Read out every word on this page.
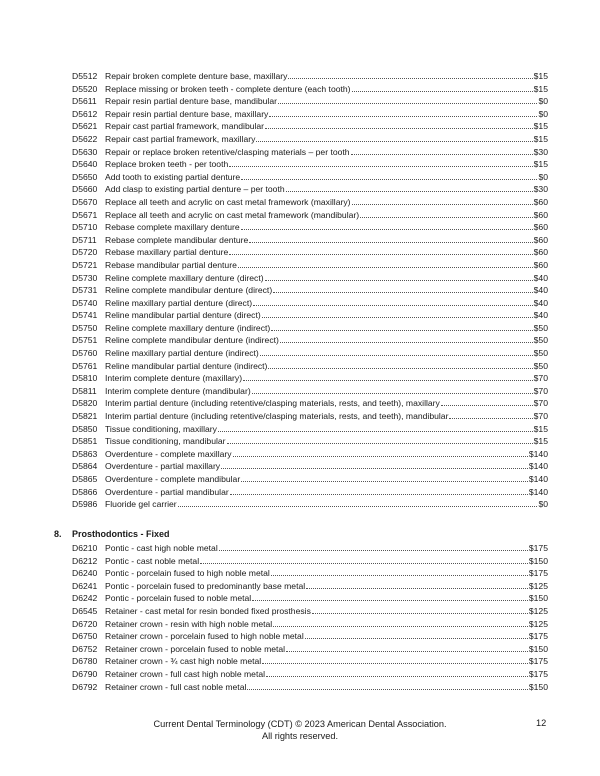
D5512 Repair broken complete denture base, maxillary	$15
D5520 Replace missing or broken teeth - complete denture (each tooth)	$15
D5611 Repair resin partial denture base, mandibular	$0
D5612 Repair resin partial denture base, maxillary	$0
D5621 Repair cast partial framework, mandibular	$15
D5622 Repair cast partial framework, maxillary	$15
D5630 Repair or replace broken retentive/clasping materials – per tooth	$30
D5640 Replace broken teeth - per tooth	$15
D5650 Add tooth to existing partial denture	$0
D5660 Add clasp to existing partial denture – per tooth	$30
D5670 Replace all teeth and acrylic on cast metal framework (maxillary)	$60
D5671 Replace all teeth and acrylic on cast metal framework (mandibular)	$60
D5710 Rebase complete maxillary denture	$60
D5711 Rebase complete mandibular denture	$60
D5720 Rebase maxillary partial denture	$60
D5721 Rebase mandibular partial denture	$60
D5730 Reline complete maxillary denture (direct)	$40
D5731 Reline complete mandibular denture (direct)	$40
D5740 Reline maxillary partial denture (direct)	$40
D5741 Reline mandibular partial denture (direct)	$40
D5750 Reline complete maxillary denture (indirect)	$50
D5751 Reline complete mandibular denture (indirect)	$50
D5760 Reline maxillary partial denture (indirect)	$50
D5761 Reline mandibular partial denture (indirect)	$50
D5810 Interim complete denture (maxillary)	$70
D5811 Interim complete denture (mandibular)	$70
D5820 Interim partial denture (including retentive/clasping materials, rests, and teeth), maxillary	$70
D5821 Interim partial denture (including retentive/clasping materials, rests, and teeth), mandibular	$70
D5850 Tissue conditioning, maxillary	$15
D5851 Tissue conditioning, mandibular	$15
D5863 Overdenture - complete maxillary	$140
D5864 Overdenture - partial maxillary	$140
D5865 Overdenture - complete mandibular	$140
D5866 Overdenture - partial mandibular	$140
D5986 Fluoride gel carrier	$0
8. Prosthodontics - Fixed
D6210 Pontic - cast high noble metal	$175
D6212 Pontic - cast noble metal	$150
D6240 Pontic - porcelain fused to high noble metal	$175
D6241 Pontic - porcelain fused to predominantly base metal	$125
D6242 Pontic - porcelain fused to noble metal	$150
D6545 Retainer - cast metal for resin bonded fixed prosthesis	$125
D6720 Retainer crown - resin with high noble metal	$125
D6750 Retainer crown - porcelain fused to high noble metal	$175
D6752 Retainer crown - porcelain fused to noble metal	$150
D6780 Retainer crown - ¾ cast high noble metal	$175
D6790 Retainer crown - full cast high noble metal	$175
D6792 Retainer crown - full cast noble metal	$150
Current Dental Terminology (CDT) © 2023 American Dental Association.
All rights reserved.
12
